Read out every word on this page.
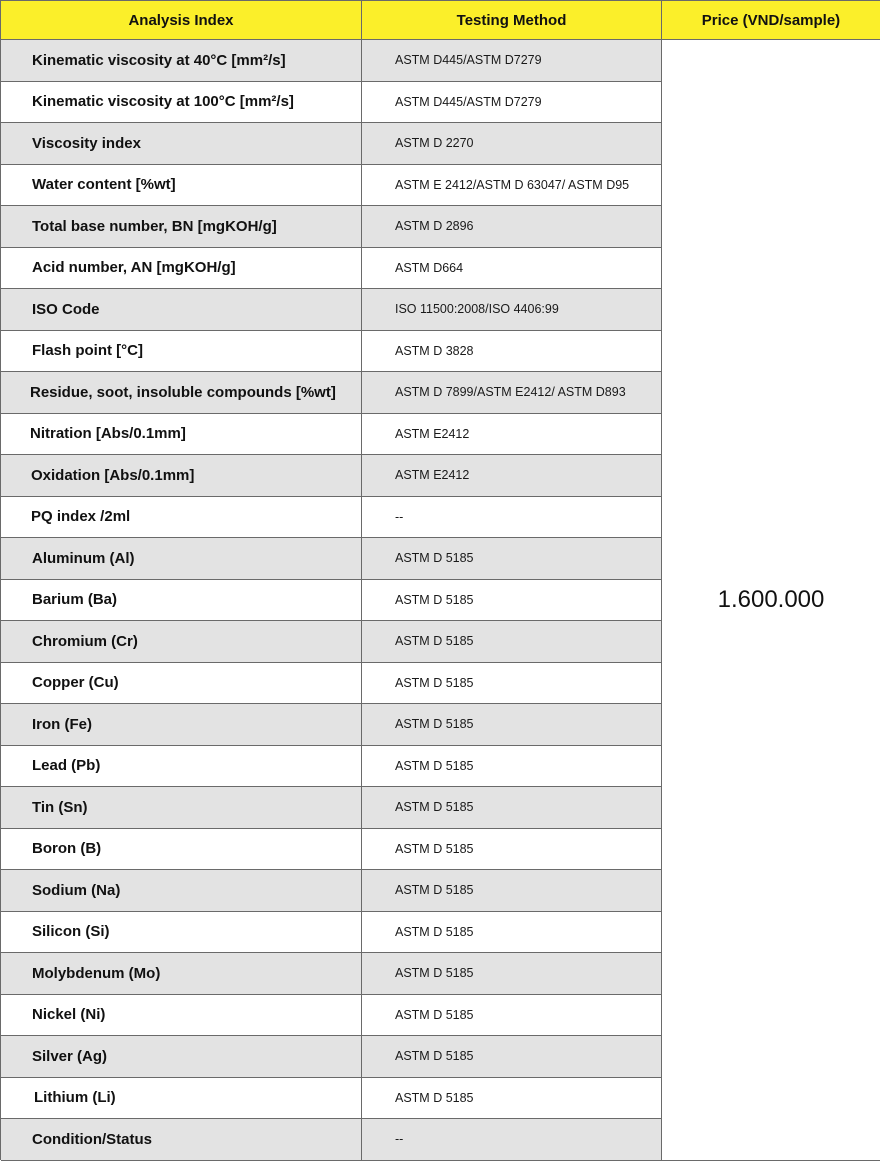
Analysis Index	Testing Method	Price (VND/sample)
Kinematic viscosity at 40°C [mm²/s]	ASTM D445/ASTM D7279
1.600.000
Kinematic viscosity at 100°C [mm²/s]	ASTM D445/ASTM D7279
Viscosity index	ASTM D 2270
Water content [%wt]	ASTM E 2412/ASTM D 63047/ ASTM D95
Total base number, BN [mgKOH/g]	ASTM D 2896
Acid number, AN [mgKOH/g]	ASTM D664
ISO Code	ISO 11500:2008/ISO 4406:99
Flash point [°C]	ASTM D 3828
Residue, soot, insoluble compounds [%wt]	ASTM D 7899/ASTM E2412/ ASTM D893
Nitration [Abs/0.1mm]	ASTM E2412
Oxidation [Abs/0.1mm]	ASTM E2412
PQ index /2ml	--
Aluminum (Al)	ASTM D 5185
Barium (Ba)	ASTM D 5185
Chromium (Cr)	ASTM D 5185
Copper (Cu)	ASTM D 5185
Iron (Fe)	ASTM D 5185
Lead (Pb)	ASTM D 5185
Tin (Sn)	ASTM D 5185
Boron (B)	ASTM D 5185
Sodium (Na)	ASTM D 5185
Silicon (Si)	ASTM D 5185
Molybdenum (Mo)	ASTM D 5185
Nickel (Ni)	ASTM D 5185
Silver (Ag)	ASTM D 5185
Lithium (Li)	ASTM D 5185
Condition/Status	--
